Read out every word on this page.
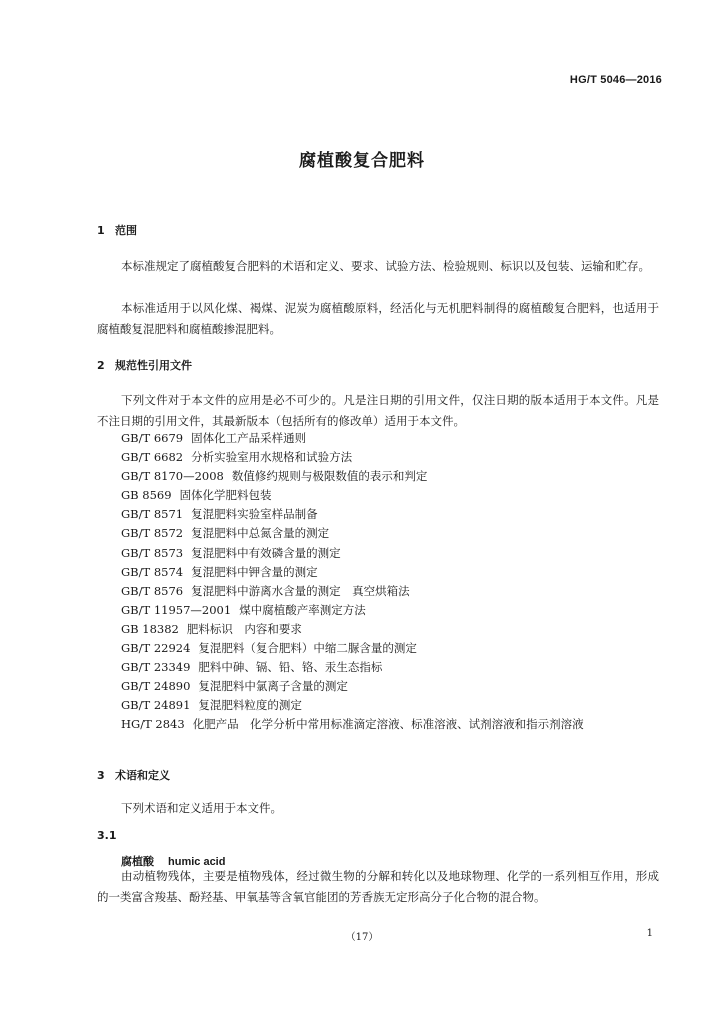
HG/T 5046—2016
腐植酸复合肥料
1 范围

本标准规定了腐植酸复合肥料的术语和定义、要求、试验方法、检验规则、标识以及包装、运输和贮存。

本标准适用于以风化煤、褐煤、泥炭为腐植酸原料，经活化与无机肥料制得的腐植酸复合肥料，也适用于腐植酸复混肥料和腐植酸掺混肥料。

2 规范性引用文件

下列文件对于本文件的应用是必不可少的。凡是注日期的引用文件，仅注日期的版本适用于本文件。凡是不注日期的引用文件，其最新版本（包括所有的修改单）适用于本文件。

GB/T 6679 固体化工产品采样通则
GB/T 6682 分析实验室用水规格和试验方法
GB/T 8170—2008 数值修约规则与极限数值的表示和判定
GB 8569 固体化学肥料包装
GB/T 8571 复混肥料实验室样品制备
GB/T 8572 复混肥料中总氮含量的测定
GB/T 8573 复混肥料中有效磷含量的测定
GB/T 8574 复混肥料中钾含量的测定
GB/T 8576 复混肥料中游离水含量的测定　真空烘箱法
GB/T 11957—2001 煤中腐植酸产率测定方法
GB 18382 肥料标识　内容和要求
GB/T 22924 复混肥料（复合肥料）中缩二脲含量的测定
GB/T 23349 肥料中砷、镉、铅、铬、汞生态指标
GB/T 24890 复混肥料中氯离子含量的测定
GB/T 24891 复混肥料粒度的测定
HG/T 2843 化肥产品　化学分析中常用标准滴定溶液、标准溶液、试剂溶液和指示剂溶液
3 术语和定义

下列术语和定义适用于本文件。

3.1
腐植酸 humic acid

由动植物残体，主要是植物残体，经过微生物的分解和转化以及地球物理、化学的一系列相互作用，形成的一类富含羧基、酚羟基、甲氧基等含氧官能团的芳香族无定形高分子化合物的混合物。

（17）	1
